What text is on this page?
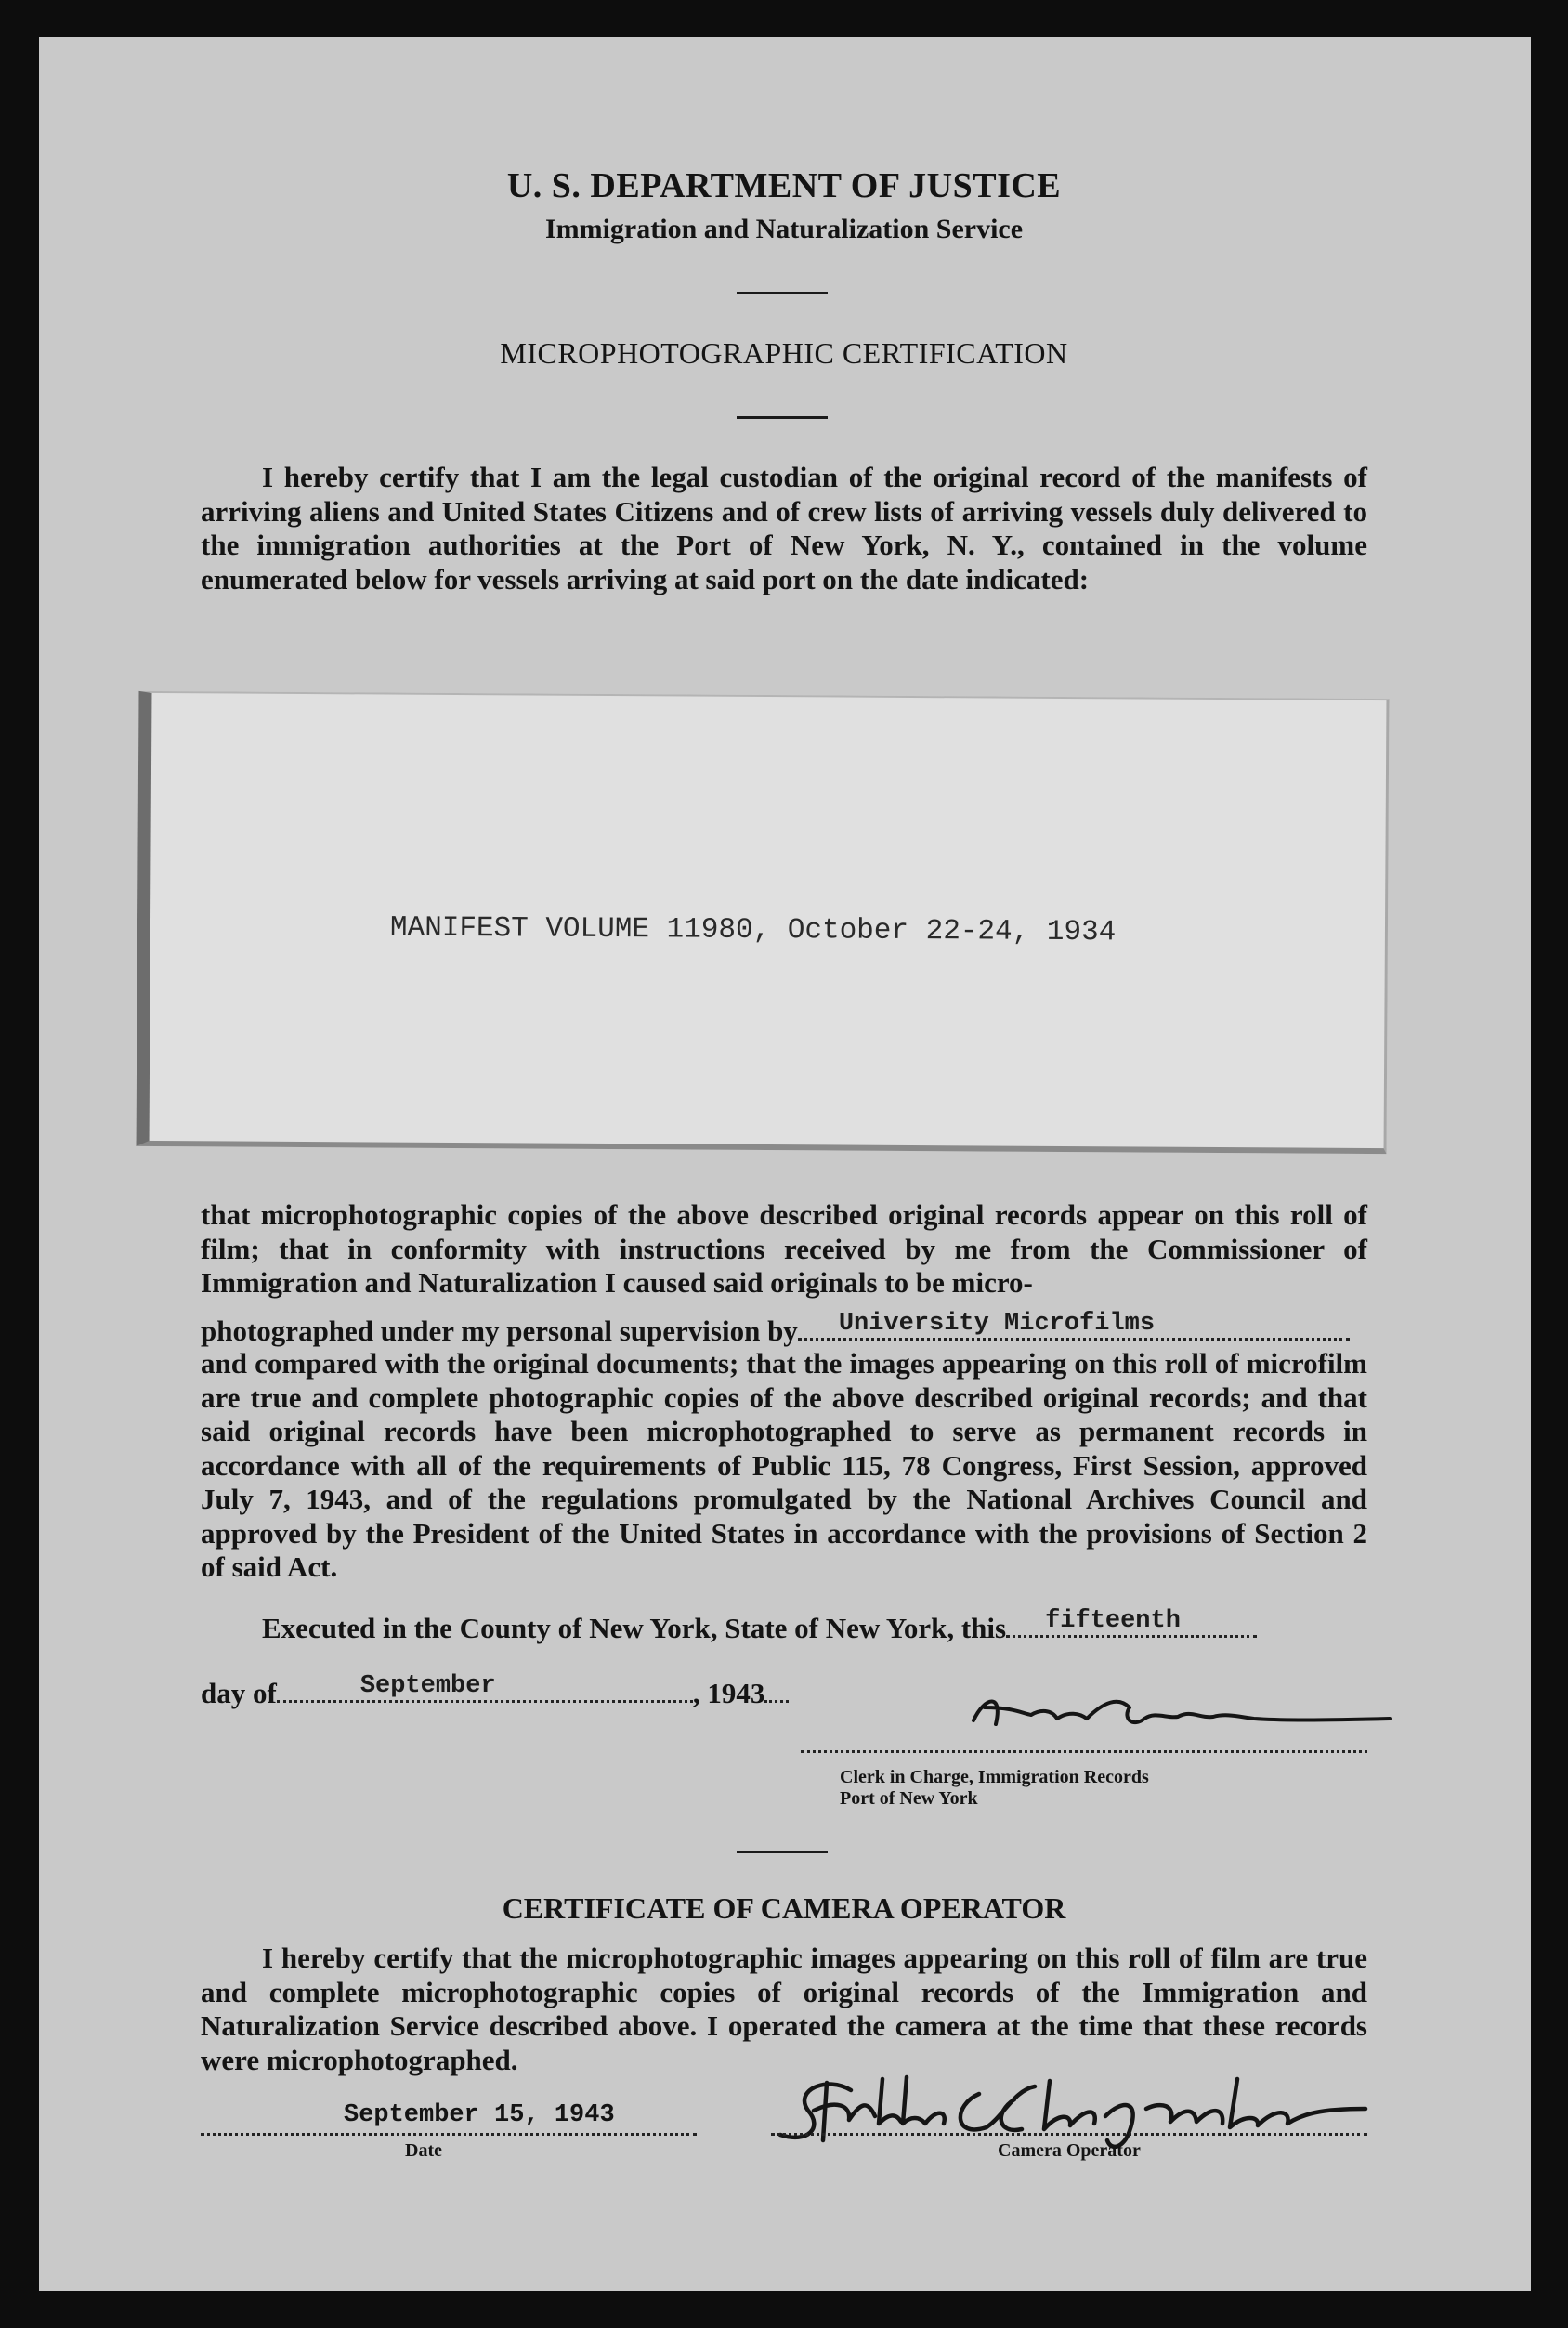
U. S. DEPARTMENT OF JUSTICE
Immigration and Naturalization Service
MICROPHOTOGRAPHIC CERTIFICATION

I hereby certify that I am the legal custodian of the original record of the manifests of arriving aliens and United States Citizens and of crew lists of arriving vessels duly delivered to the immigration authorities at the Port of New York, N. Y., contained in the volume enumerated below for vessels arriving at said port on the date indicated:

MANIFEST VOLUME 11980, October 22-24, 1934

that microphotographic copies of the above described original records appear on this roll of film; that in conformity with instructions received by me from the Commissioner of Immigration and Naturalization I caused said originals to be micro-

photographed under my personal supervision by University Microfilms

and compared with the original documents; that the images appearing on this roll of microfilm are true and complete photographic copies of the above described original records; and that said original records have been microphotographed to serve as permanent records in accordance with all of the requirements of Public 115, 78 Congress, First Session, approved July 7, 1943, and of the regulations promulgated by the National Archives Council and approved by the President of the United States in accordance with the provisions of Section 2 of said Act.

Executed in the County of New York, State of New York, this fifteenth
day of	September	, 1943
Clerk in Charge, Immigration Records
Port of New York
CERTIFICATE OF CAMERA OPERATOR

I hereby certify that the microphotographic images appearing on this roll of film are true and complete microphotographic copies of original records of the Immigration and Naturalization Service described above. I operated the camera at the time that these records were microphotographed.

September 15, 1943
Date	Camera Operator
